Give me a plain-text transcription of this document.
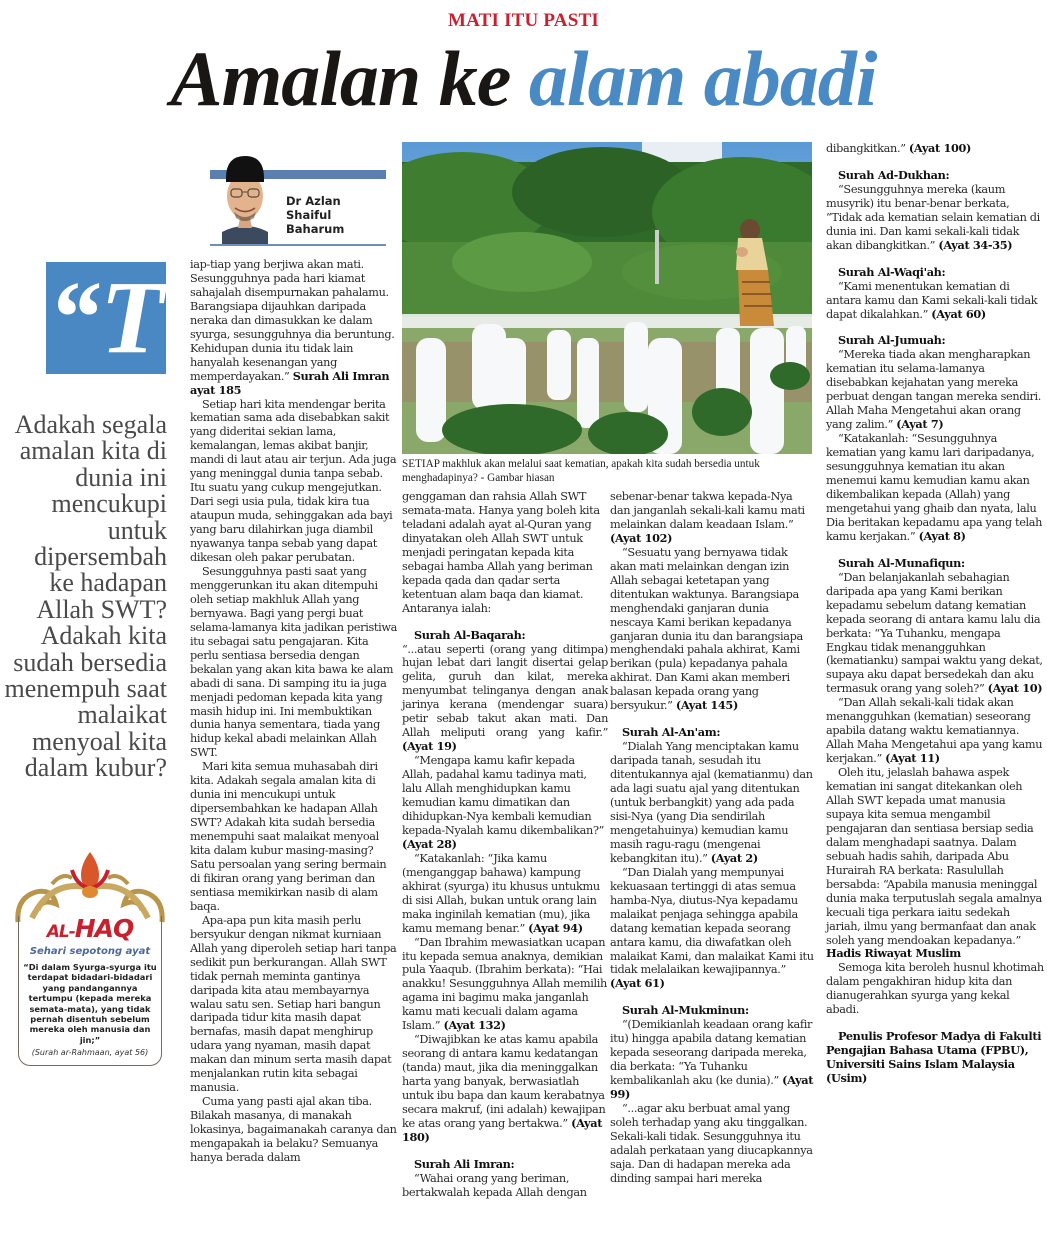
MATI ITU PASTI
Amalan ke alam abadi
Dr Azlan Shaiful
Baharum
“T
Adakah segala amalan kita di dunia ini mencukupi untuk dipersembah ke hadapan Allah SWT? Adakah kita sudah bersedia menempuh saat malaikat menyoal kita dalam kubur?
AL-HAQ
Sehari sepotong ayat
“Di dalam Syurga-syurga itu terdapat bidadari-bidadari yang pandangannya tertumpu (kepada mereka semata-mata), yang tidak pernah disentuh sebelum mereka oleh manusia dan jin;”
(Surah ar-Rahmaan, ayat 56)
SETIAP makhluk akan melalui saat kematian, apakah kita sudah bersedia untuk menghadapinya? - Gambar hiasan

iap-tiap yang berjiwa akan mati. Sesungguhnya pada hari kiamat sahajalah disempurnakan pahalamu. Barangsiapa dijauhkan daripada neraka dan dimasukkan ke dalam syurga, sesungguhnya dia beruntung. Kehidupan dunia itu tidak lain hanyalah kesenangan yang memperdayakan.” Surah Ali Imran ayat 185

Setiap hari kita mendengar berita kematian sama ada disebabkan sakit yang dideritai sekian lama, kemalangan, lemas akibat banjir, mandi di laut atau air terjun. Ada juga yang meninggal dunia tanpa sebab. Itu suatu yang cukup mengejutkan. Dari segi usia pula, tidak kira tua ataupun muda, sehinggakan ada bayi yang baru dilahirkan juga diambil nyawanya tanpa sebab yang dapat dikesan oleh pakar perubatan.

Sesungguhnya pasti saat yang menggerunkan itu akan ditempuhi oleh setiap makhluk Allah yang bernyawa. Bagi yang pergi buat selama-lamanya kita jadikan peristiwa itu sebagai satu pengajaran. Kita perlu sentiasa bersedia dengan bekalan yang akan kita bawa ke alam abadi di sana. Di samping itu ia juga menjadi pedoman kepada kita yang masih hidup ini. Ini membuktikan dunia hanya sementara, tiada yang hidup kekal abadi melainkan Allah SWT.

Mari kita semua muhasabah diri kita. Adakah segala amalan kita di dunia ini mencukupi untuk dipersembahkan ke hadapan Allah SWT? Adakah kita sudah bersedia menempuhi saat malaikat menyoal kita dalam kubur masing-masing? Satu persoalan yang sering bermain di fikiran orang yang beriman dan sentiasa memikirkan nasib di alam baqa.

Apa-apa pun kita masih perlu bersyukur dengan nikmat kurniaan Allah yang diperoleh setiap hari tanpa sedikit pun berkurangan. Allah SWT tidak pernah meminta gantinya daripada kita atau membayarnya walau satu sen. Setiap hari bangun daripada tidur kita masih dapat bernafas, masih dapat menghirup udara yang nyaman, masih dapat makan dan minum serta masih dapat menjalankan rutin kita sebagai manusia.

Cuma yang pasti ajal akan tiba. Bilakah masanya, di manakah lokasinya, bagaimanakah caranya dan mengapakah ia belaku? Semuanya hanya berada dalam

genggaman dan rahsia Allah SWT semata-mata. Hanya yang boleh kita teladani adalah ayat al-Quran yang dinyatakan oleh Allah SWT untuk menjadi peringatan kepada kita sebagai hamba Allah yang beriman kepada qada dan qadar serta ketentuan alam baqa dan kiamat. Antaranya ialah:

Surah Al-Baqarah:

“...atau seperti (orang yang ditimpa) hujan lebat dari langit disertai gelap gelita, guruh dan kilat, mereka menyumbat telinganya dengan anak jarinya kerana (mendengar suara) petir sebab takut akan mati. Dan Allah meliputi orang yang kafir.” (Ayat 19)

“Mengapa kamu kafir kepada Allah, padahal kamu tadinya mati, lalu Allah menghidupkan kamu kemudian kamu dimatikan dan dihidupkan-Nya kembali kemudian kepada-Nyalah kamu dikembalikan?” (Ayat 28)

“Katakanlah: “Jika kamu (menganggap bahawa) kampung akhirat (syurga) itu khusus untukmu di sisi Allah, bukan untuk orang lain maka inginilah kematian (mu), jika kamu memang benar.” (Ayat 94)

“Dan Ibrahim mewasiatkan ucapan itu kepada semua anaknya, demikian pula Yaaqub. (Ibrahim berkata): “Hai anakku! Sesungguhnya Allah memilih agama ini bagimu maka janganlah kamu mati kecuali dalam agama Islam.” (Ayat 132)

“Diwajibkan ke atas kamu apabila seorang di antara kamu kedatangan (tanda) maut, jika dia meninggalkan harta yang banyak, berwasiatlah untuk ibu bapa dan kaum kerabatnya secara makruf, (ini adalah) kewajipan ke atas orang yang bertakwa.” (Ayat 180)

Surah Ali Imran:

“Wahai orang yang beriman, bertakwalah kepada Allah dengan

sebenar-benar takwa kepada-Nya dan janganlah sekali-kali kamu mati melainkan dalam keadaan Islam.” (Ayat 102)

“Sesuatu yang bernyawa tidak akan mati melainkan dengan izin Allah sebagai ketetapan yang ditentukan waktunya. Barangsiapa menghendaki ganjaran dunia nescaya Kami berikan kepadanya ganjaran dunia itu dan barangsiapa menghendaki pahala akhirat, Kami berikan (pula) kepadanya pahala akhirat. Dan Kami akan memberi balasan kepada orang yang bersyukur.” (Ayat 145)

Surah Al-An'am:

“Dialah Yang menciptakan kamu daripada tanah, sesudah itu ditentukannya ajal (kematianmu) dan ada lagi suatu ajal yang ditentukan (untuk berbangkit) yang ada pada sisi-Nya (yang Dia sendirilah mengetahuinya) kemudian kamu masih ragu-ragu (mengenai kebangkitan itu).” (Ayat 2)

“Dan Dialah yang mempunyai kekuasaan tertinggi di atas semua hamba-Nya, diutus-Nya kepadamu malaikat penjaga sehingga apabila datang kematian kepada seorang antara kamu, dia diwafatkan oleh malaikat Kami, dan malaikat Kami itu tidak melalaikan kewajipannya.” (Ayat 61)

Surah Al-Mukminun:

“(Demikianlah keadaan orang kafir itu) hingga apabila datang kematian kepada seseorang daripada mereka, dia berkata: “Ya Tuhanku kembalikanlah aku (ke dunia).” (Ayat 99)

“...agar aku berbuat amal yang soleh terhadap yang aku tinggalkan. Sekali-kali tidak. Sesungguhnya itu adalah perkataan yang diucapkannya saja. Dan di hadapan mereka ada dinding sampai hari mereka

dibangkitkan.” (Ayat 100)

Surah Ad-Dukhan:

“Sesungguhnya mereka (kaum musyrik) itu benar-benar berkata, “Tidak ada kematian selain kematian di dunia ini. Dan kami sekali-kali tidak akan dibangkitkan.” (Ayat 34-35)

Surah Al-Waqi'ah:

“Kami menentukan kematian di antara kamu dan Kami sekali-kali tidak dapat dikalahkan.” (Ayat 60)

Surah Al-Jumuah:

“Mereka tiada akan mengharapkan kematian itu selama-lamanya disebabkan kejahatan yang mereka perbuat dengan tangan mereka sendiri. Allah Maha Mengetahui akan orang yang zalim.” (Ayat 7)

“Katakanlah: “Sesungguhnya kematian yang kamu lari daripadanya, sesungguhnya kematian itu akan menemui kamu kemudian kamu akan dikembalikan kepada (Allah) yang mengetahui yang ghaib dan nyata, lalu Dia beritakan kepadamu apa yang telah kamu kerjakan.” (Ayat 8)

Surah Al-Munafiqun:

“Dan belanjakanlah sebahagian daripada apa yang Kami berikan kepadamu sebelum datang kematian kepada seorang di antara kamu lalu dia berkata: “Ya Tuhanku, mengapa Engkau tidak menangguhkan (kematianku) sampai waktu yang dekat, supaya aku dapat bersedekah dan aku termasuk orang yang soleh?” (Ayat 10)

“Dan Allah sekali-kali tidak akan menangguhkan (kematian) seseorang apabila datang waktu kematiannya. Allah Maha Mengetahui apa yang kamu kerjakan.” (Ayat 11)

Oleh itu, jelaslah bahawa aspek kematian ini sangat ditekankan oleh Allah SWT kepada umat manusia supaya kita semua mengambil pengajaran dan sentiasa bersiap sedia dalam menghadapi saatnya. Dalam sebuah hadis sahih, daripada Abu Hurairah RA berkata: Rasulullah bersabda: “Apabila manusia meninggal dunia maka terputuslah segala amalnya kecuali tiga perkara iaitu sedekah jariah, ilmu yang bermanfaat dan anak soleh yang mendoakan kepadanya.” Hadis Riwayat Muslim

Semoga kita beroleh husnul khotimah dalam pengakhiran hidup kita dan dianugerahkan syurga yang kekal abadi.

Penulis Profesor Madya di Fakulti Pengajian Bahasa Utama (FPBU), Universiti Sains Islam Malaysia (Usim)
